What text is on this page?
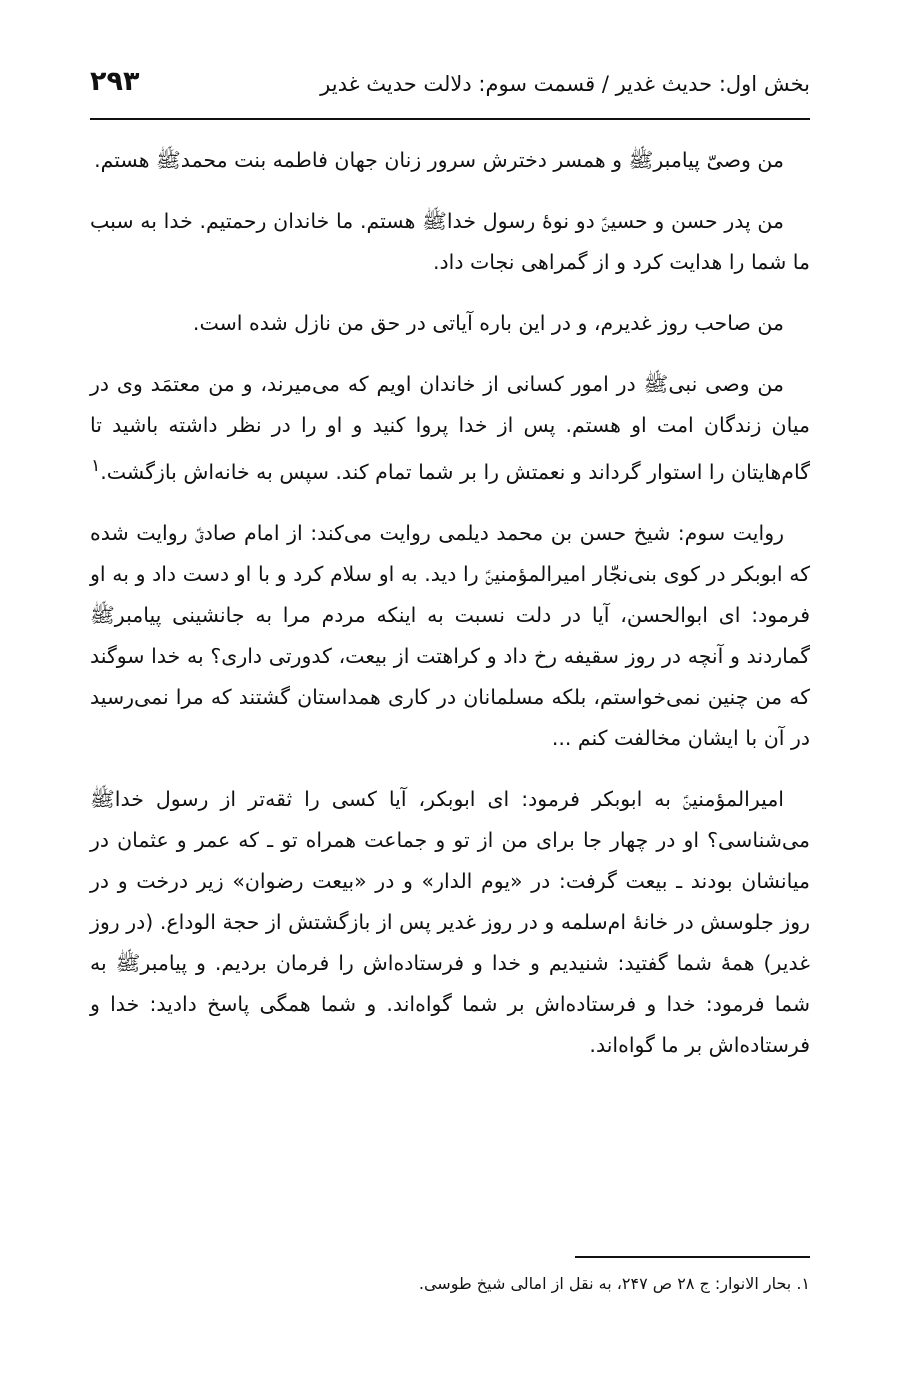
بخش اول: حدیث غدیر / قسمت سوم: دلالت حدیث غدیر
۲۹۳

من وصیّ پیامبرﷺ و همسر دخترش سرور زنان جهان فاطمه بنت محمدﷺ هستم.

من پدر حسن و حسینؑ دو نوهٔ رسول خداﷺ هستم. ما خاندان رحمتیم. خدا به سبب ما شما را هدایت کرد و از گمراهی نجات داد.

من صاحب روز غدیرم، و در این باره آیاتی در حق من نازل شده است.

من وصی نبیﷺ در امور کسانی از خاندان اویم که می‌میرند، و من معتمَد وی در میان زندگان امت او هستم. پس از خدا پروا کنید و او را در نظر داشته باشید تا گام‌هایتان را استوار گرداند و نعمتش را بر شما تمام کند. سپس به خانه‌اش بازگشت.$^۱$

روایت سوم: شیخ حسن بن محمد دیلمی روایت می‌کند: از امام صادقؑ روایت شده که ابوبکر در کوی بنی‌نجّار امیرالمؤمنینؑ را دید. به او سلام کرد و با او دست داد و به او فرمود: ای ابوالحسن، آیا در دلت نسبت به اینکه مردم مرا به جانشینی پیامبرﷺ گماردند و آنچه در روز سقیفه رخ داد و کراهتت از بیعت، کدورتی داری؟ به خدا سوگند که من چنین نمی‌خواستم، بلکه مسلمانان در کاری همداستان گشتند که مرا نمی‌رسید در آن با ایشان مخالفت کنم ...

امیرالمؤمنینؑ به ابوبکر فرمود: ای ابوبکر، آیا کسی را ثقه‌تر از رسول خداﷺ می‌شناسی؟ او در چهار جا برای من از تو و جماعت همراه تو ـ که عمر و عثمان در میانشان بودند ـ بیعت گرفت: در «یوم الدار» و در «بیعت رضوان» زیر درخت و در روز جلوسش در خانهٔ ام‌سلمه و در روز غدیر پس از بازگشتش از حجة الوداع. (در روز غدیر) همهٔ شما گفتید: شنیدیم و خدا و فرستاده‌اش را فرمان بردیم. و پیامبرﷺ به شما فرمود: خدا و فرستاده‌اش بر شما گواه‌اند. و شما همگی پاسخ دادید: خدا و فرستاده‌اش بر ما گواه‌اند.

۱. بحار الانوار: ج ۲۸ ص ۲۴۷، به نقل از امالی شیخ طوسی.
